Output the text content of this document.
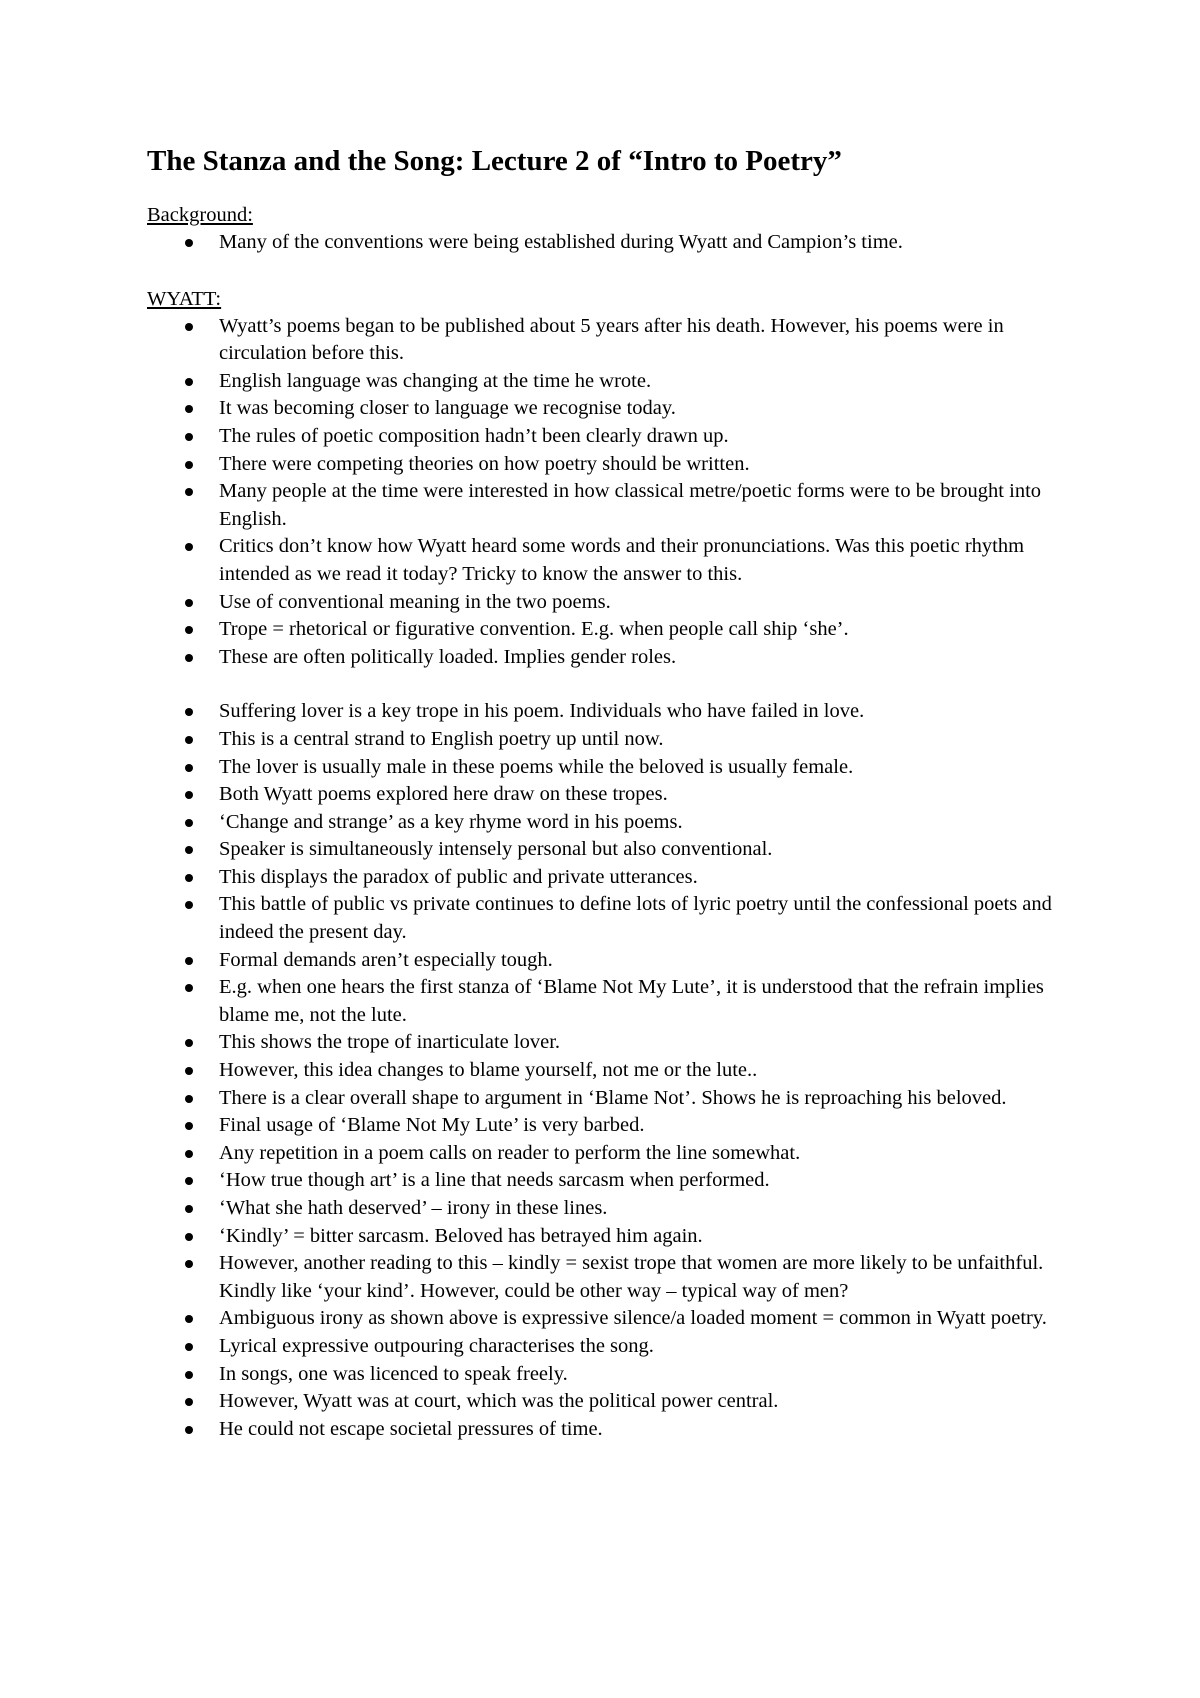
The Stanza and the Song: Lecture 2 of “Intro to Poetry”
Background:
Many of the conventions were being established during Wyatt and Campion’s time.
WYATT:
Wyatt’s poems began to be published about 5 years after his death. However, his poems were in circulation before this.
English language was changing at the time he wrote.
It was becoming closer to language we recognise today.
The rules of poetic composition hadn’t been clearly drawn up.
There were competing theories on how poetry should be written.
Many people at the time were interested in how classical metre/poetic forms were to be brought into English.
Critics don’t know how Wyatt heard some words and their pronunciations. Was this poetic rhythm intended as we read it today? Tricky to know the answer to this.
Use of conventional meaning in the two poems.
Trope = rhetorical or figurative convention. E.g. when people call ship ‘she’.
These are often politically loaded. Implies gender roles.
Suffering lover is a key trope in his poem. Individuals who have failed in love.
This is a central strand to English poetry up until now.
The lover is usually male in these poems while the beloved is usually female.
Both Wyatt poems explored here draw on these tropes.
‘Change and strange’ as a key rhyme word in his poems.
Speaker is simultaneously intensely personal but also conventional.
This displays the paradox of public and private utterances.
This battle of public vs private continues to define lots of lyric poetry until the confessional poets and indeed the present day.
Formal demands aren’t especially tough.
E.g. when one hears the first stanza of ‘Blame Not My Lute’, it is understood that the refrain implies blame me, not the lute.
This shows the trope of inarticulate lover.
However, this idea changes to blame yourself, not me or the lute..
There is a clear overall shape to argument in ‘Blame Not’. Shows he is reproaching his beloved.
Final usage of ‘Blame Not My Lute’ is very barbed.
Any repetition in a poem calls on reader to perform the line somewhat.
‘How true though art’ is a line that needs sarcasm when performed.
‘What she hath deserved’ – irony in these lines.
‘Kindly’ = bitter sarcasm. Beloved has betrayed him again.
However, another reading to this – kindly = sexist trope that women are more likely to be unfaithful. Kindly like ‘your kind’. However, could be other way – typical way of men?
Ambiguous irony as shown above is expressive silence/a loaded moment = common in Wyatt poetry.
Lyrical expressive outpouring characterises the song.
In songs, one was licenced to speak freely.
However, Wyatt was at court, which was the political power central.
He could not escape societal pressures of time.
